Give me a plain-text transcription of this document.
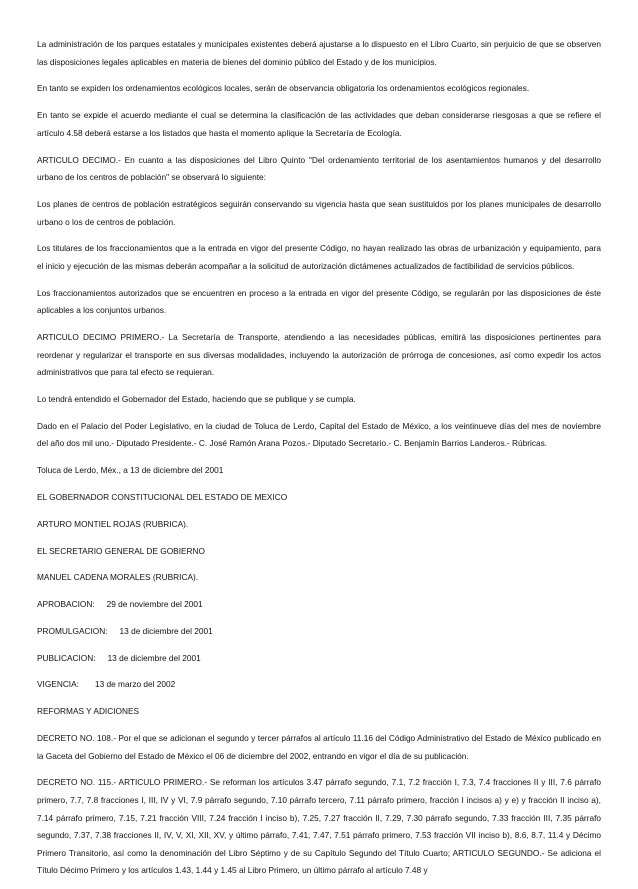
La administración de los parques estatales y municipales existentes deberá ajustarse a lo dispuesto en el Libro Cuarto, sin perjuicio de que se observen las disposiciones legales aplicables en materia de bienes del dominio público del Estado y de los municipios.

En tanto se expiden los ordenamientos ecológicos locales, serán de observancia obligatoria los ordenamientos ecológicos regionales.

En tanto se expide el acuerdo mediante el cual se determina la clasificación de las actividades que deban considerarse riesgosas a que se refiere el artículo 4.58 deberá estarse a los listados que hasta el momento aplique la Secretaría de Ecología.

ARTICULO DECIMO.- En cuanto a las disposiciones del Libro Quinto "Del ordenamiento territorial de los asentamientos humanos y del desarrollo urbano de los centros de población" se observará lo siguiente:

Los planes de centros de población estratégicos seguirán conservando su vigencia hasta que sean sustituidos por los planes municipales de desarrollo urbano o los de centros de población.

Los titulares de los fraccionamientos que a la entrada en vigor del presente Código, no hayan realizado las obras de urbanización y equipamiento, para el inicio y ejecución de las mismas deberán acompañar a la solicitud de autorización dictámenes actualizados de factibilidad de servicios públicos.

Los fraccionamientos autorizados que se encuentren en proceso a la entrada en vigor del presente Código, se regularán por las disposiciones de éste aplicables a los conjuntos urbanos.

ARTICULO DECIMO PRIMERO.- La Secretaría de Transporte, atendiendo a las necesidades públicas, emitirá las disposiciones pertinentes para reordenar y regularizar el transporte en sus diversas modalidades, incluyendo la autorización de prórroga de concesiones, así como expedir los actos administrativos que para tal efecto se requieran.

Lo tendrá entendido el Gobernador del Estado, haciendo que se publique y se cumpla.

Dado en el Palacio del Poder Legislativo, en la ciudad de Toluca de Lerdo, Capital del Estado de México, a los veintinueve días del mes de noviembre del año dos mil uno.- Diputado Presidente.- C. José Ramón Arana Pozos.- Diputado Secretario.- C. Benjamín Barrios Landeros.- Rúbricas.

Toluca de Lerdo, Méx., a 13 de diciembre del 2001

EL GOBERNADOR CONSTITUCIONAL DEL ESTADO DE MEXICO

ARTURO MONTIEL ROJAS (RUBRICA).

EL SECRETARIO GENERAL DE GOBIERNO

MANUEL CADENA MORALES (RUBRICA).

APROBACION: 29 de noviembre del 2001

PROMULGACION: 13 de diciembre del 2001

PUBLICACION: 13 de diciembre del 2001

VIGENCIA: 13 de marzo del 2002

REFORMAS Y ADICIONES

DECRETO NO. 108.- Por el que se adicionan el segundo y tercer párrafos al artículo 11.16 del Código Administrativo del Estado de México publicado en la Gaceta del Gobierno del Estado de México el 06 de diciembre del 2002, entrando en vigor el día de su publicación.

DECRETO NO. 115.- ARTICULO PRIMERO.- Se reforman los artículos 3.47 párrafo segundo, 7.1, 7.2 fracción I, 7.3, 7.4 fracciones II y III, 7.6 párrafo primero, 7.7, 7.8 fracciones I, III, IV y VI, 7.9 párrafo segundo, 7.10 párrafo tercero, 7.11 párrafo primero, fracción I incisos a) y e) y fracción II inciso a), 7.14 párrafo primero, 7.15, 7.21 fracción VIII, 7.24 fracción I inciso b), 7.25, 7.27 fracción II, 7.29, 7.30 párrafo segundo, 7.33 fracción III, 7.35 párrafo segundo, 7.37, 7.38 fracciones II, IV, V, XI, XII, XV, y último párrafo, 7.41, 7.47, 7.51 párrafo primero, 7.53 fracción VII inciso b), 8.6, 8.7, 11.4 y Décimo Primero Transitorio, así como la denominación del Libro Séptimo y de su Capítulo Segundo del Título Cuarto; ARTICULO SEGUNDO.- Se adiciona el Título Décimo Primero y los artículos 1.43, 1.44 y 1.45 al Libro Primero, un último párrafo al artículo 7.48 y
